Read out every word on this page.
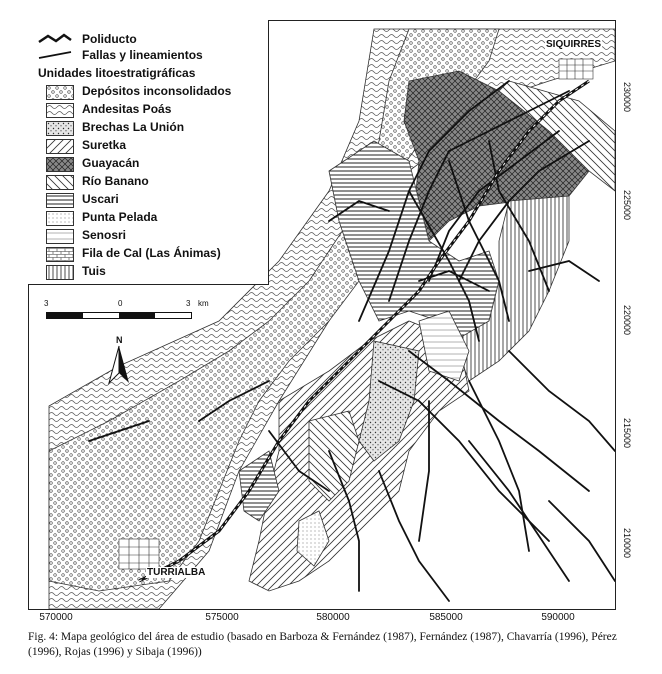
Poliducto
Fallas y lineamientos
Unidades litoestratigráficas
Depósitos inconsolidados
Andesitas Poás
Brechas La Unión
Suretka
Guayacán
Río Banano
Uscari
Punta Pelada
Senosri
Fila de Cal (Las Ánimas)
Tuis
3	0	3 km
N
SIQUIRRES
TURRIALBA
570000	575000	580000	585000	590000
230000
225000
220000
215000
210000
Fig. 4: Mapa geológico del área de estudio (basado en Barboza & Fernández (1987), Fernández (1987), Chavarría (1996), Pérez (1996), Rojas (1996) y Sibaja (1996))
